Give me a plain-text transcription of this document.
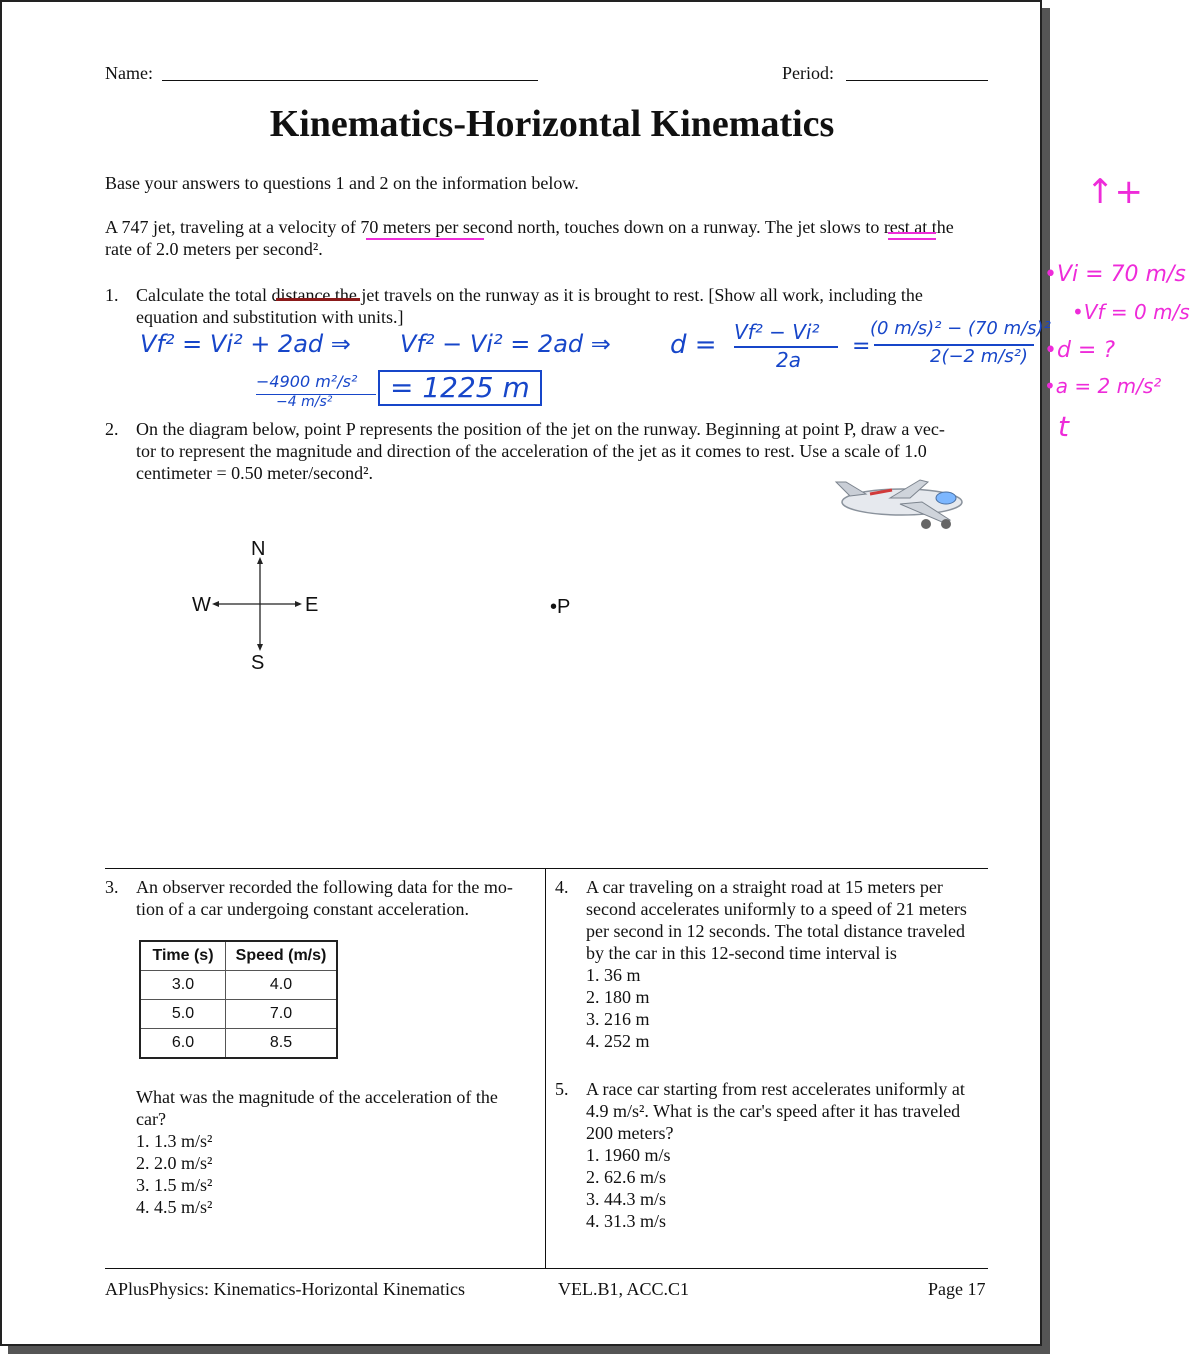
Name:	Period:
Kinematics-Horizontal Kinematics
Base your answers to questions 1 and 2 on the information below.
A 747 jet, traveling at a velocity of 70 meters per second north, touches down on a runway. The jet slows to rest at the
rate of 2.0 meters per second².
1. Calculate the total distance the jet travels on the runway as it is brought to rest. [Show all work, including the
equation and substitution with units.]
2. On the diagram below, point P represents the position of the jet on the runway. Beginning at point P, draw a vec-
tor to represent the magnitude and direction of the acceleration of the jet as it comes to rest. Use a scale of 1.0
centimeter = 0.50 meter/second².
N
S
E
W	•P
3. An observer recorded the following data for the mo-
tion of a car undergoing constant acceleration.
Time (s)	Speed (m/s)
3.0	4.0
5.0	7.0
6.0	8.5
What was the magnitude of the acceleration of the
car?
1. 1.3 m/s²
2. 2.0 m/s²
3. 1.5 m/s²
4. 4.5 m/s²
4. A car traveling on a straight road at 15 meters per
second accelerates uniformly to a speed of 21 meters
per second in 12 seconds. The total distance traveled
by the car in this 12-second time interval is
1. 36 m
2. 180 m
3. 216 m
4. 252 m
5. A race car starting from rest accelerates uniformly at
4.9 m/s². What is the car's speed after it has traveled
200 meters?
1. 1960 m/s
2. 62.6 m/s
3. 44.3 m/s
4. 31.3 m/s
APlusPhysics: Kinematics-Horizontal Kinematics	VEL.B1, ACC.C1	Page 17
Vf² = Vi² + 2ad ⇒ Vf² − Vi² = 2ad ⇒ d = Vf² − Vi²
2a
=
(0 m/s)² − (70 m/s)²
2(−2 m/s²)
−4900 m²/s²
−4 m/s²	= 1225 m
↑+
•Vi = 70 m/s
•Vf = 0 m/s
•d = ?
•a = 2 m/s²
t
